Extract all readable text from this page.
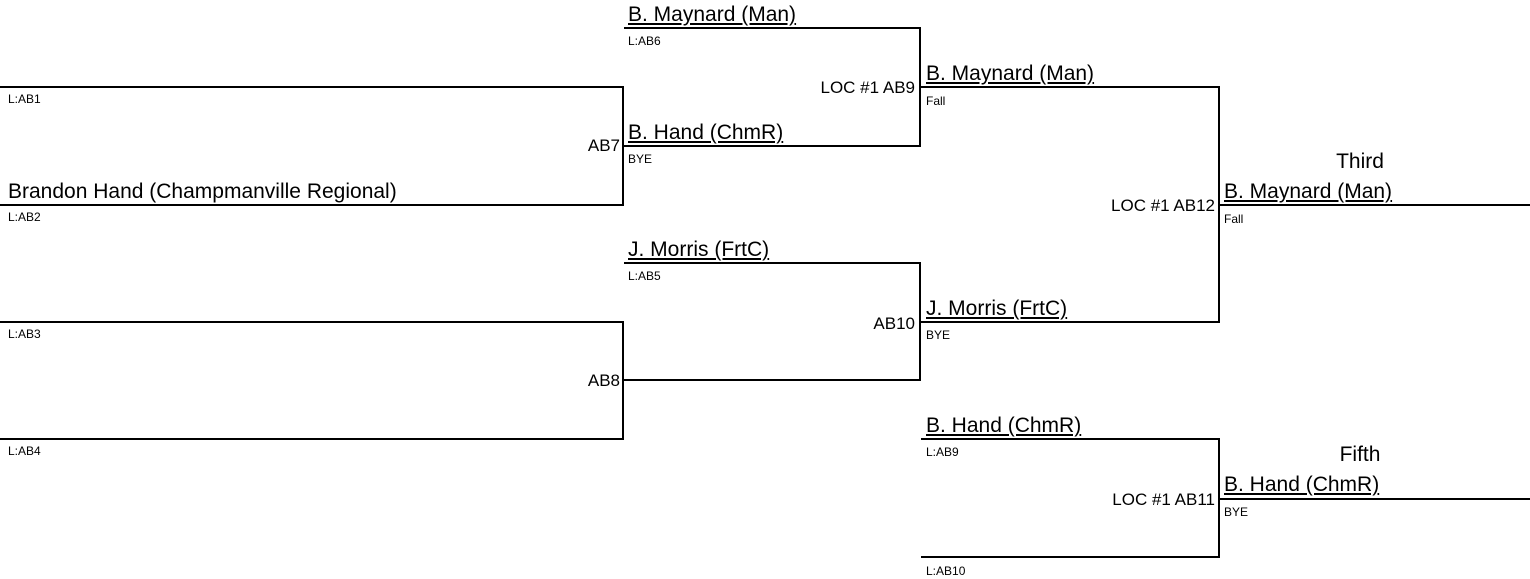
L:AB1
Brandon Hand (Champmanville Regional)
L:AB2
L:AB3
L:AB4
AB7
AB8
B. Maynard (Man)
L:AB6
B. Hand (ChmR)
BYE
J. Morris (FrtC)
L:AB5
LOC #1 AB9
AB10
B. Maynard (Man)
Fall
J. Morris (FrtC)
BYE
B. Hand (ChmR)
L:AB9
L:AB10
LOC #1 AB12
LOC #1 AB11
Third
B. Maynard (Man)
Fall
Fifth
B. Hand (ChmR)
BYE
